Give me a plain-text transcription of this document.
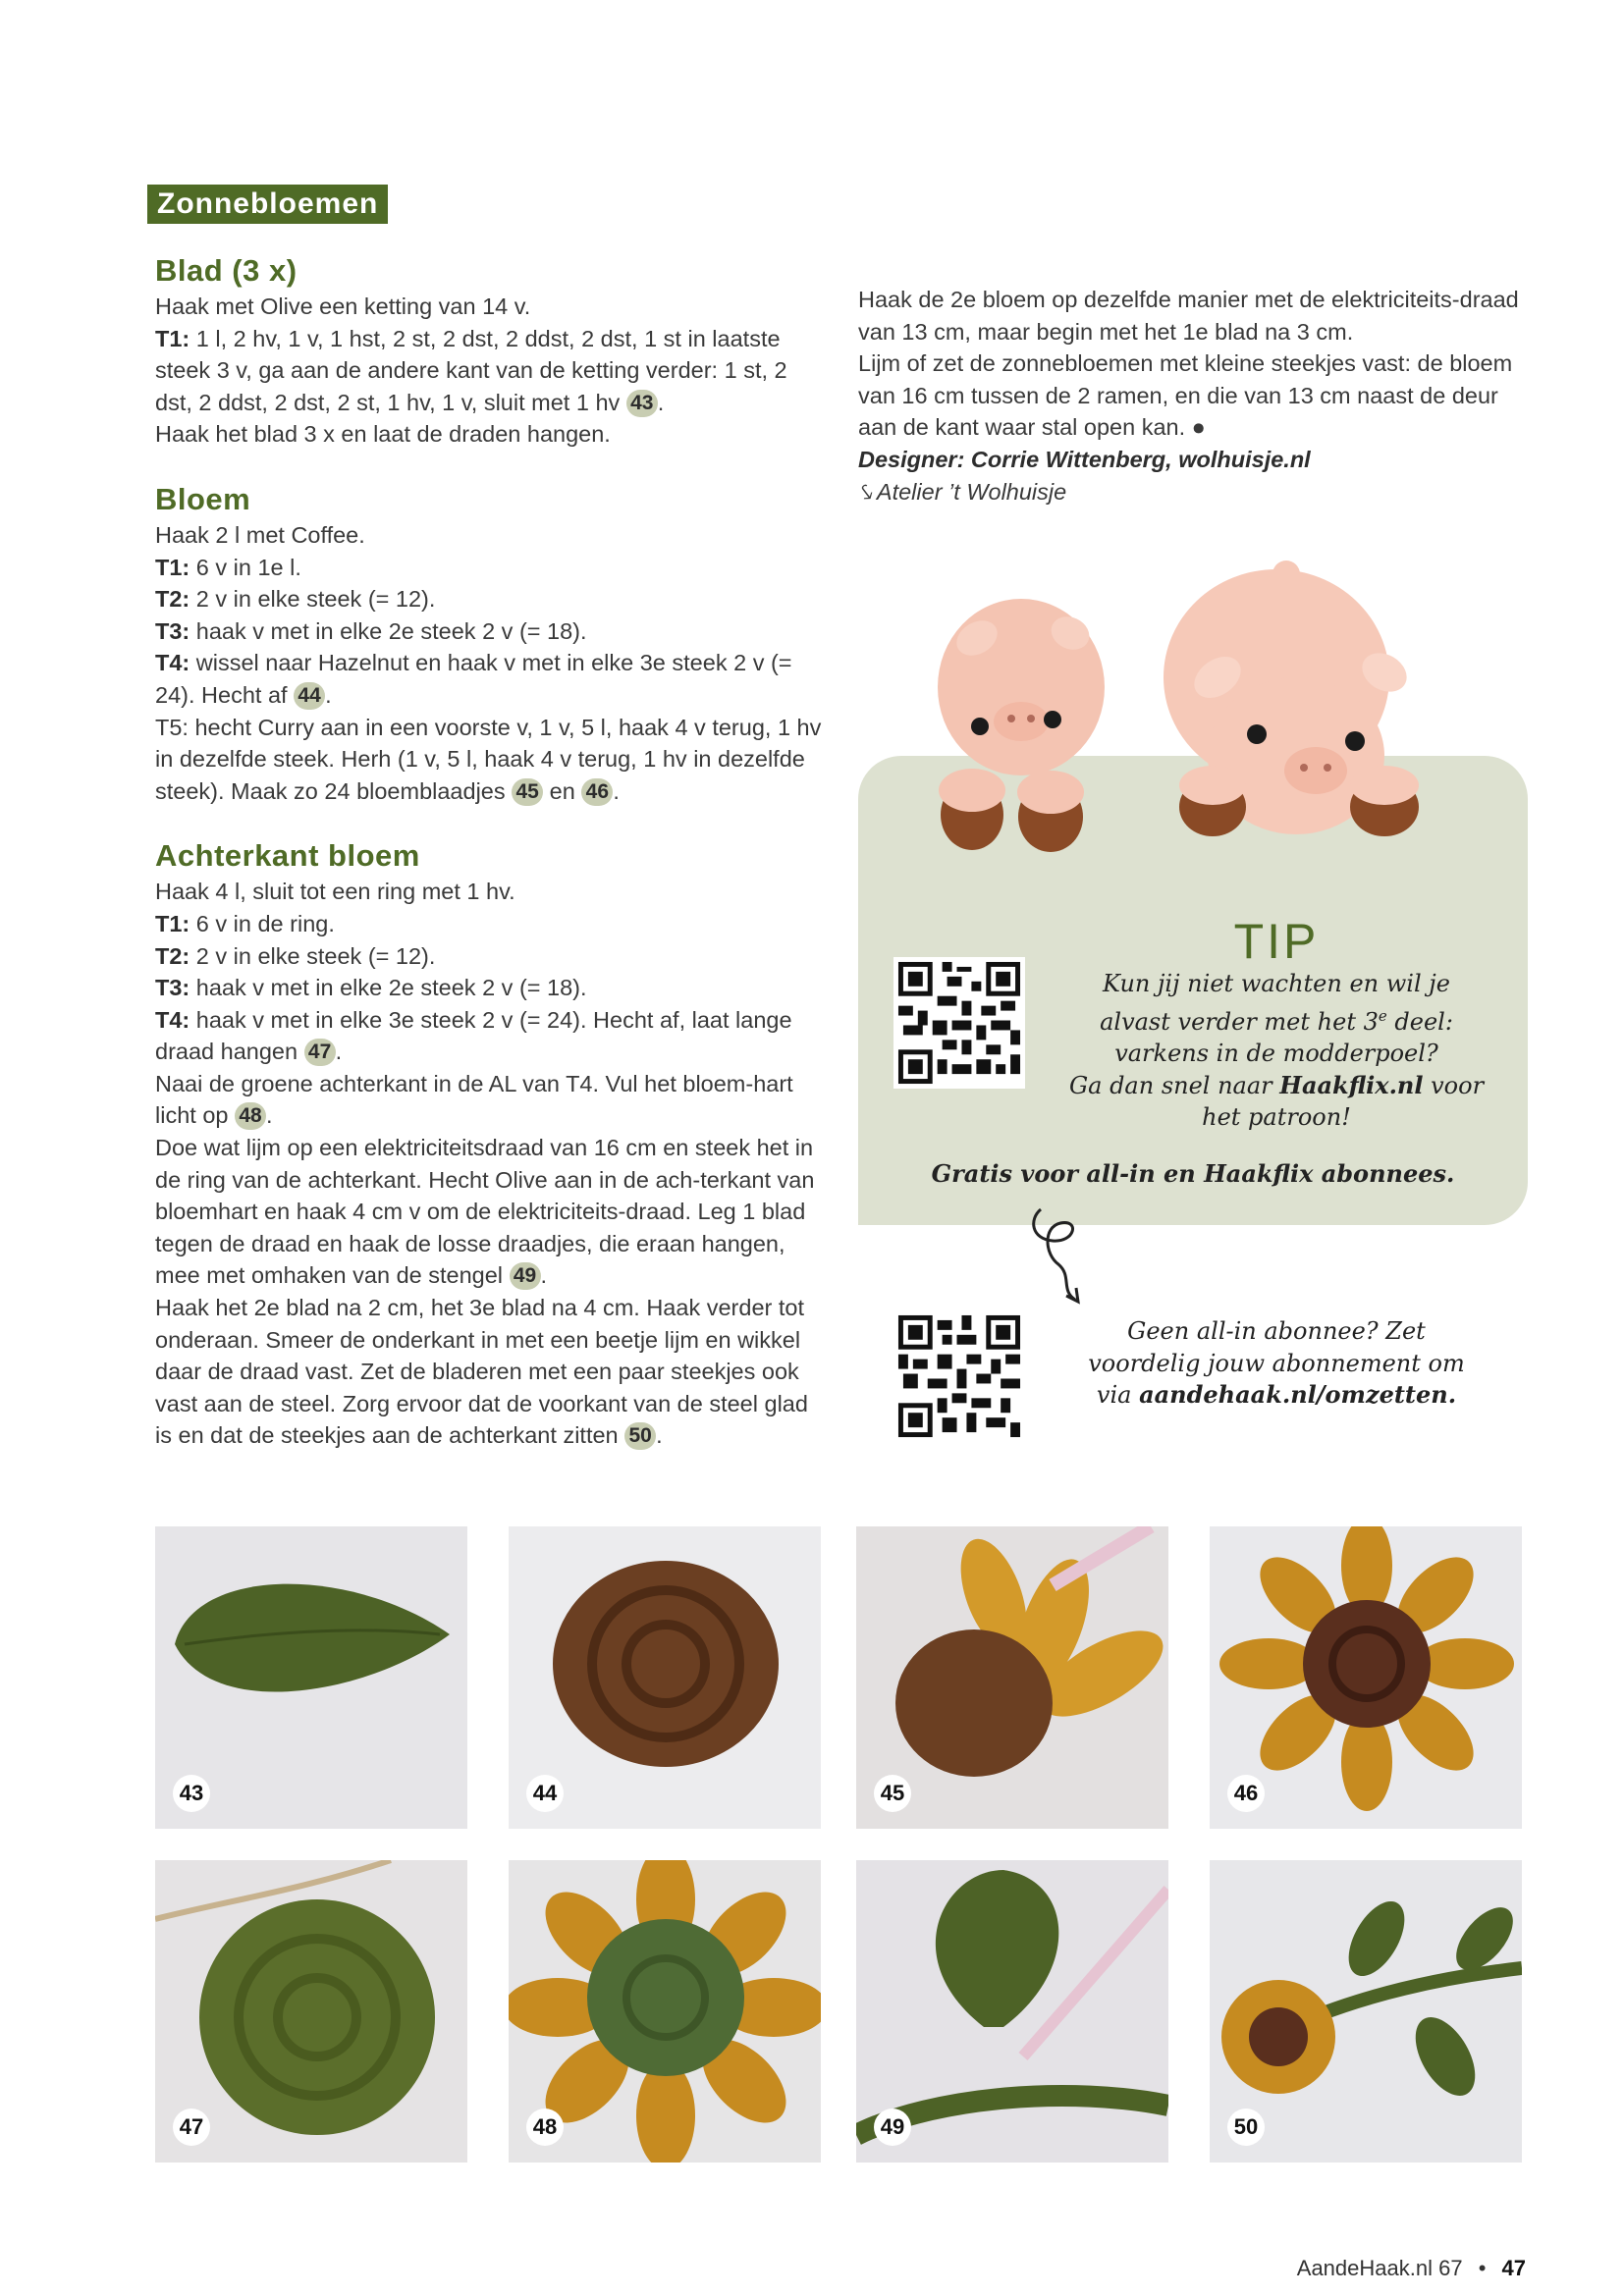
Zonnebloemen

Blad (3 x)

Haak met Olive een ketting van 14 v.

T1: 1 l, 2 hv, 1 v, 1 hst, 2 st, 2 dst, 2 ddst, 2 dst, 1 st in laatste steek 3 v, ga aan de andere kant van de ketting verder: 1 st, 2 dst, 2 ddst, 2 dst, 2 st, 1 hv, 1 v, sluit met 1 hv 43 .

Haak het blad 3 x en laat de draden hangen.

Bloem

Haak 2 l met Coffee.

T1: 6 v in 1e l.

T2: 2 v in elke steek (= 12).

T3: haak v met in elke 2e steek 2 v (= 18).

T4: wissel naar Hazelnut en haak v met in elke 3e steek 2 v (= 24). Hecht af 44 .

T5: hecht Curry aan in een voorste v, 1 v, 5 l, haak 4 v terug, 1 hv in dezelfde steek. Herh (1 v, 5 l, haak 4 v terug, 1 hv in dezelfde steek). Maak zo 24 bloemblaadjes 45 en 46 .

Achterkant bloem

Haak 4 l, sluit tot een ring met 1 hv.

T1: 6 v in de ring.

T2: 2 v in elke steek (= 12).

T3: haak v met in elke 2e steek 2 v (= 18).

T4: haak v met in elke 3e steek 2 v (= 24). Hecht af, laat lange draad hangen 47 .

Naai de groene achterkant in de AL van T4. Vul het bloem-hart licht op 48 .

Doe wat lijm op een elektriciteitsdraad van 16 cm en steek het in de ring van de achterkant. Hecht Olive aan in de ach-terkant van bloemhart en haak 4 cm v om de elektriciteits-draad. Leg 1 blad tegen de draad en haak de losse draadjes, die eraan hangen, mee met omhaken van de stengel 49 .

Haak het 2e blad na 2 cm, het 3e blad na 4 cm. Haak verder tot onderaan. Smeer de onderkant in met een beetje lijm en wikkel daar de draad vast. Zet de bladeren met een paar steekjes ook vast aan de steel. Zorg ervoor dat de voorkant van de steel glad is en dat de steekjes aan de achterkant zitten 50 .

Haak de 2e bloem op dezelfde manier met de elektriciteits-draad van 13 cm, maar begin met het 1e blad na 3 cm.

Lijm of zet de zonnebloemen met kleine steekjes vast: de bloem van 16 cm tussen de 2 ramen, en die van 13 cm naast de deur aan de kant waar stal open kan. ●

Designer: Corrie Wittenberg, wolhuisje.nl

⤥ Atelier ’t Wolhuisje

TIP
Kun jij niet wachten en wil je
alvast verder met het 3e deel:
varkens in de modderpoel?
Ga dan snel naar Haakflix.nl voor
het patroon!
Gratis voor all-in en Haakflix abonnees.
Geen all-in abonnee? Zet
voordelig jouw abonnement om
via aandehaak.nl/omzetten.
43	44	45	46
47	48	49	50
AandeHaak.nl 67 • 47
